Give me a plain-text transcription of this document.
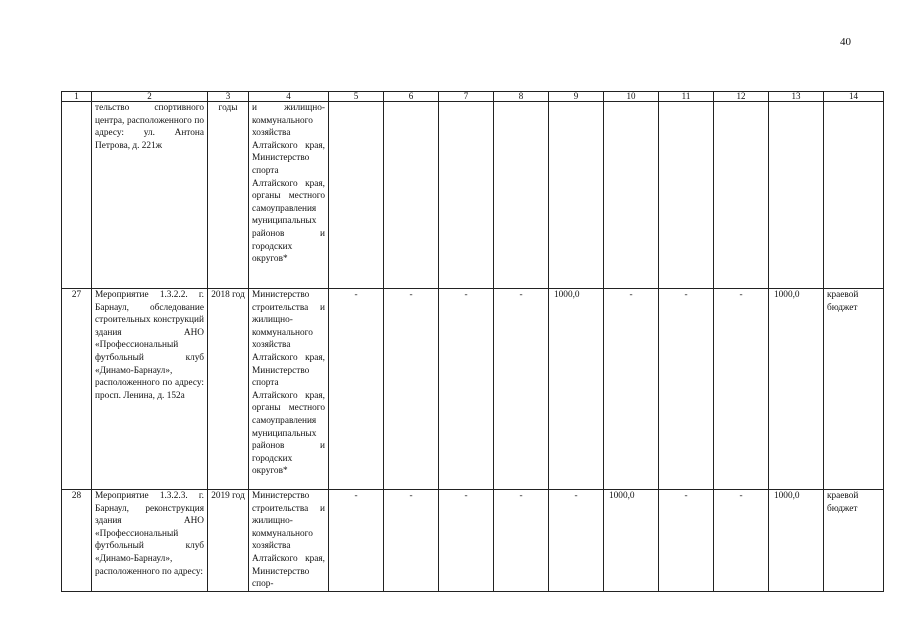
40
1	2	3	4	5	6	7	8	9	10	11	12	13	14

	тельство спортивного центра, расположенного по адресу: ул. Антона Петрова, д. 221ж	годы	и жилищно-коммунального хозяйства Алтайского края, Министерство спорта Алтайского края, органы местного самоуправления муниципальных районов и городских округов*										

27	Мероприятие 1.3.2.2. г. Барнаул, обследование строительных конструкций здания АНО «Профессиональный футбольный клуб «Динамо-Барнаул», расположенного по адресу: просп. Ленина, д. 152а	2018 год	Министерство строительства и жилищно-коммунального хозяйства Алтайского края, Министерство спорта Алтайского края, органы местного самоуправления муниципальных районов и городских округов*	-	-	-	-	1000,0	-	-	-	1000,0	краевой бюджет

28	Мероприятие 1.3.2.3. г. Барнаул, реконструкция здания АНО «Профессиональный футбольный клуб «Динамо-Барнаул», расположенного по адресу:	2019 год	Министерство строительства и жилищно-коммунального хозяйства Алтайского края, Министерство спор-	-	-	-	-	-	1000,0	-	-	1000,0	краевой бюджет
